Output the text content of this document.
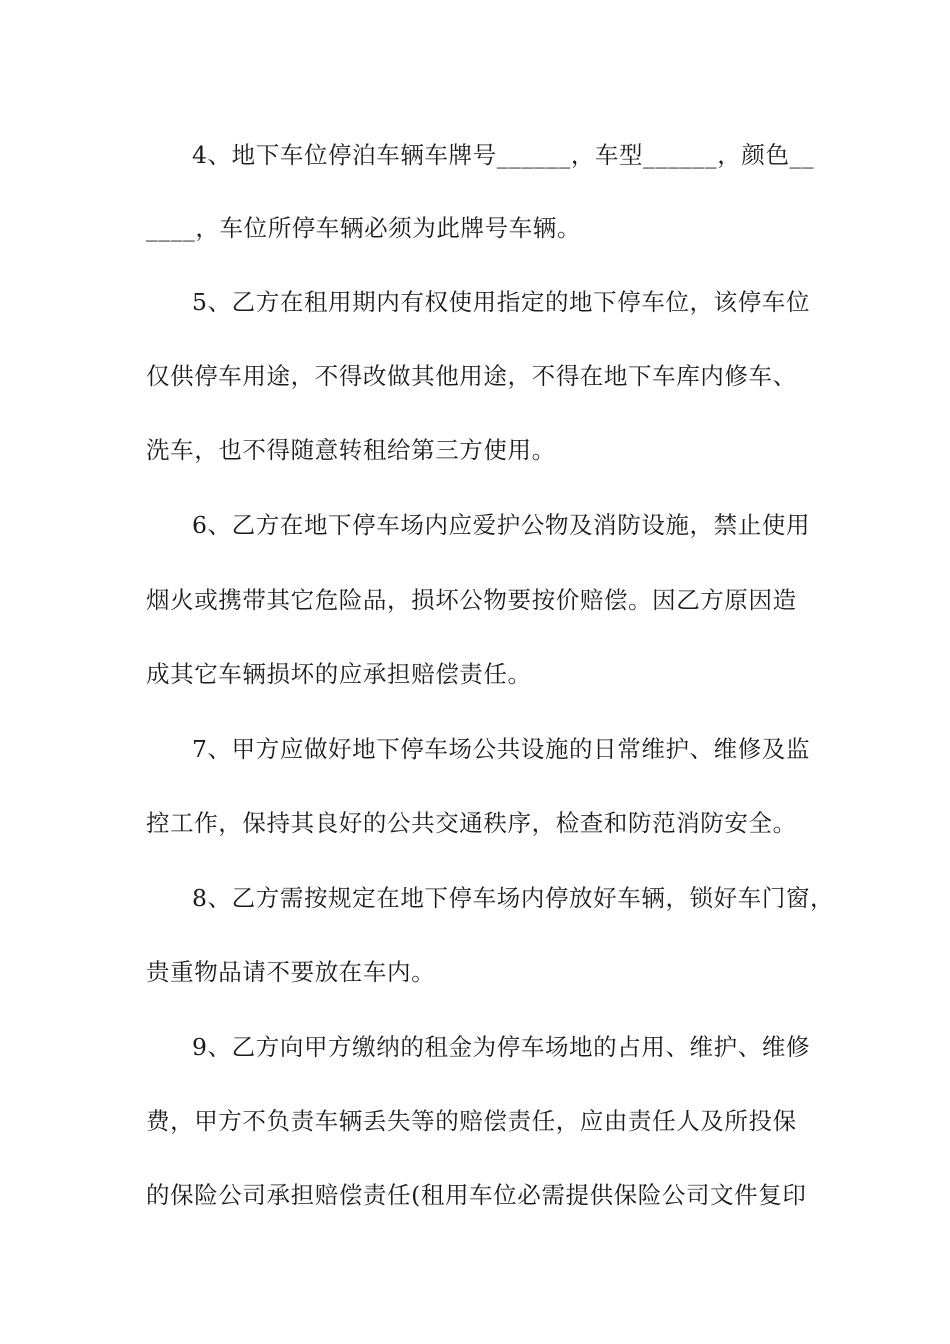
4、地下车位停泊车辆车牌号______，车型______，颜色__
____，车位所停车辆必须为此牌号车辆。
5、乙方在租用期内有权使用指定的地下停车位，该停车位
仅供停车用途，不得改做其他用途，不得在地下车库内修车、
洗车，也不得随意转租给第三方使用。
6、乙方在地下停车场内应爱护公物及消防设施，禁止使用
烟火或携带其它危险品，损坏公物要按价赔偿。因乙方原因造
成其它车辆损坏的应承担赔偿责任。
7、甲方应做好地下停车场公共设施的日常维护、维修及监
控工作，保持其良好的公共交通秩序，检查和防范消防安全。
8、乙方需按规定在地下停车场内停放好车辆，锁好车门窗，
贵重物品请不要放在车内。
9、乙方向甲方缴纳的租金为停车场地的占用、维护、维修
费，甲方不负责车辆丢失等的赔偿责任，应由责任人及所投保
的保险公司承担赔偿责任(租用车位必需提供保险公司文件复印
